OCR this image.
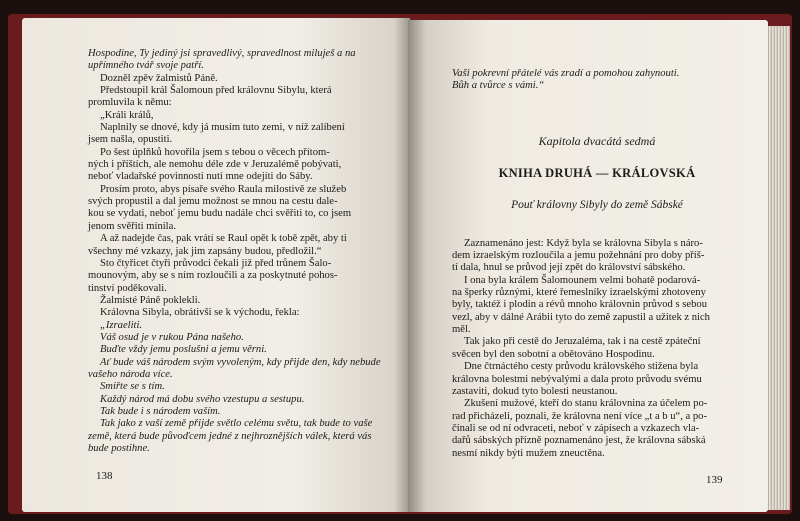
Hospodine, Ty jediný jsi spravedlivý, spravedlnost miluješ a na

upřímného tvář svoje patří.

Dozněl zpěv žalmistů Páně.

Předstoupil král Šalomoun před královnu Sibylu, která

promluvila k němu:

„Králi králů,

Naplnily se dnové, kdy já musím tuto zemi, v níž zalíbení

jsem našla, opustiti.

Po šest úplňků hovořila jsem s tebou o věcech přítom-

ných i příštích, ale nemohu déle zde v Jeruzalémě pobývati,

neboť vladařské povinnosti nutí mne odejíti do Sáby.

Prosím proto, abys písaře svého Raula milostivě ze služeb

svých propustil a dal jemu možnost se mnou na cestu dale-

kou se vydati, neboť jemu budu nadále chci svěřiti to, co jsem

jenom svěřiti mínila.

A až nadejde čas, pak vrátí se Raul opět k tobě zpět, aby ti

všechny mé vzkazy, jak jim zapsány budou, předložil.“

Sto čtyřicet čtyři průvodci čekali již před trůnem Šalo-

mounovým, aby se s ním rozloučili a za poskytnuté pohos-

tinství poděkovali.

Žalmisté Páně poklekli.

Královna Sibyla, obrátivši se k východu, řekla:

„Izraeliti.

Váš osud je v rukou Pána našeho.

Buďte vždy jemu poslušni a jemu věrni.

Ať bude váš národem svým vyvoleným, kdy přijde den, kdy nebude

vašeho národa více.

Smiřte se s tím.

Každý národ má dobu svého vzestupu a sestupu.

Tak bude i s národem vaším.

Tak jako z vaší země přijde světlo celému světu, tak bude to vaše

země, která bude půvoďcem jedné z nejhroznějších válek, která vás

bude postihne.

138

Vaši pokrevní přátelé vás zradí a pomohou zahynouti.

Bůh a tvůrce s vámi.“

Kapitola dvacátá sedmá
KNIHA DRUHÁ — KRÁLOVSKÁ
Pouť královny Sibyly do země Sábské

Zaznamenáno jest: Když byla se královna Sibyla s náro-

dem izraelským rozloučila a jemu požehnání pro doby příš-

tí dala, hnul se průvod její zpět do království sábského.

I ona byla králem Šalomounem velmi bohatě podarová-

na šperky různými, které řemeslníky izraelskými zhotoveny

byly, taktéž i plodin a révů mnoho královnin průvod s sebou

vezl, aby v dálné Arábii tyto do země zapustil a užitek z nich

měl.

Tak jako při cestě do Jeruzaléma, tak i na cestě zpáteční

svěcen byl den sobotní a obětováno Hospodinu.

Dne čtrnáctého cesty průvodu královského stižena byla

královna bolestmi nebývalými a dala proto průvodu svému

zastaviti, dokud tyto bolesti neustanou.

Zkušení mužové, kteří do stanu královnina za účelem po-

rad přicházeli, poznali, že královna není více „t a b u“, a po-

čínali se od ní odvraceti, neboť v zápisech a vzkazech vla-

dařů sábských přízně poznamenáno jest, že královna sábská

nesmí nikdy býti mužem zneuctěna.

139
